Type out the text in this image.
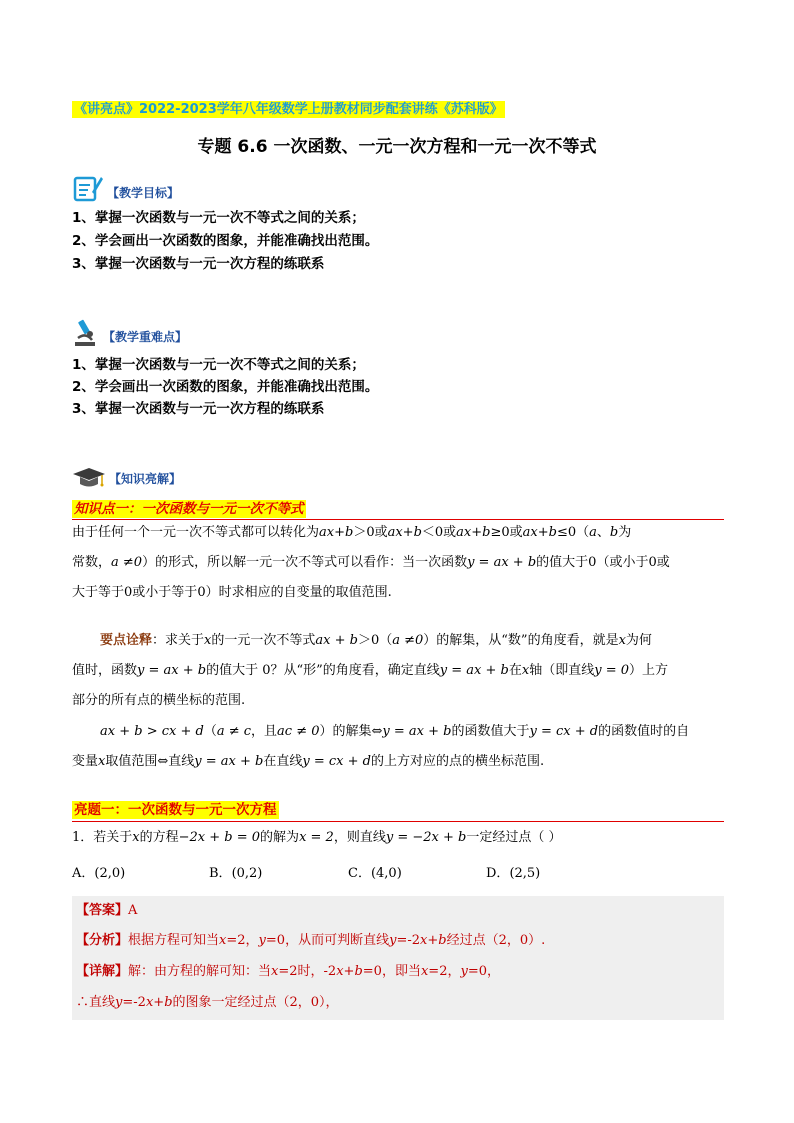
《讲亮点》2022-2023学年八年级数学上册教材同步配套讲练《苏科版》
专题 6.6 一次函数、一元一次方程和一元一次不等式
【教学目标】
1、掌握一次函数与一元一次不等式之间的关系；
2、学会画出一次函数的图象，并能准确找出范围。
3、掌握一次函数与一元一次方程的练联系
【教学重难点】
1、掌握一次函数与一元一次不等式之间的关系；
2、学会画出一次函数的图象，并能准确找出范围。
3、掌握一次函数与一元一次方程的练联系
【知识亮解】
知识点一：一次函数与一元一次不等式
由于任何一个一元一次不等式都可以转化为ax+b＞0或ax+b＜0或ax+b≥0或ax+b≤0（a、b为
常数，a ≠0）的形式，所以解一元一次不等式可以看作：当一次函数y = ax + b的值大于0（或小于0或
大于等于0或小于等于0）时求相应的自变量的取值范围.
要点诠释：求关于x的一元一次不等式ax + b＞0（a ≠0）的解集，从“数”的角度看，就是x为何
值时，函数y = ax + b的值大于 0？从“形”的角度看，确定直线y = ax + b在x轴（即直线y = 0）上方
部分的所有点的横坐标的范围.
ax + b > cx + d（a ≠ c，且ac ≠ 0）的解集⇔y = ax + b的函数值大于y = cx + d的函数值时的自
变量x取值范围⇔直线y = ax + b在直线y = cx + d的上方对应的点的横坐标范围.
亮题一：一次函数与一元一次方程
1．若关于x的方程−2x + b = 0的解为x = 2，则直线y = −2x + b一定经过点（ ）
A．(2,0)	B．(0,2)	C．(4,0)	D．(2,5)
【答案】A
【分析】根据方程可知当x=2，y=0，从而可判断直线y=-2x+b经过点（2，0）.
【详解】解：由方程的解可知：当x=2时，-2x+b=0，即当x=2，y=0，
∴直线y=-2x+b的图象一定经过点（2，0），
